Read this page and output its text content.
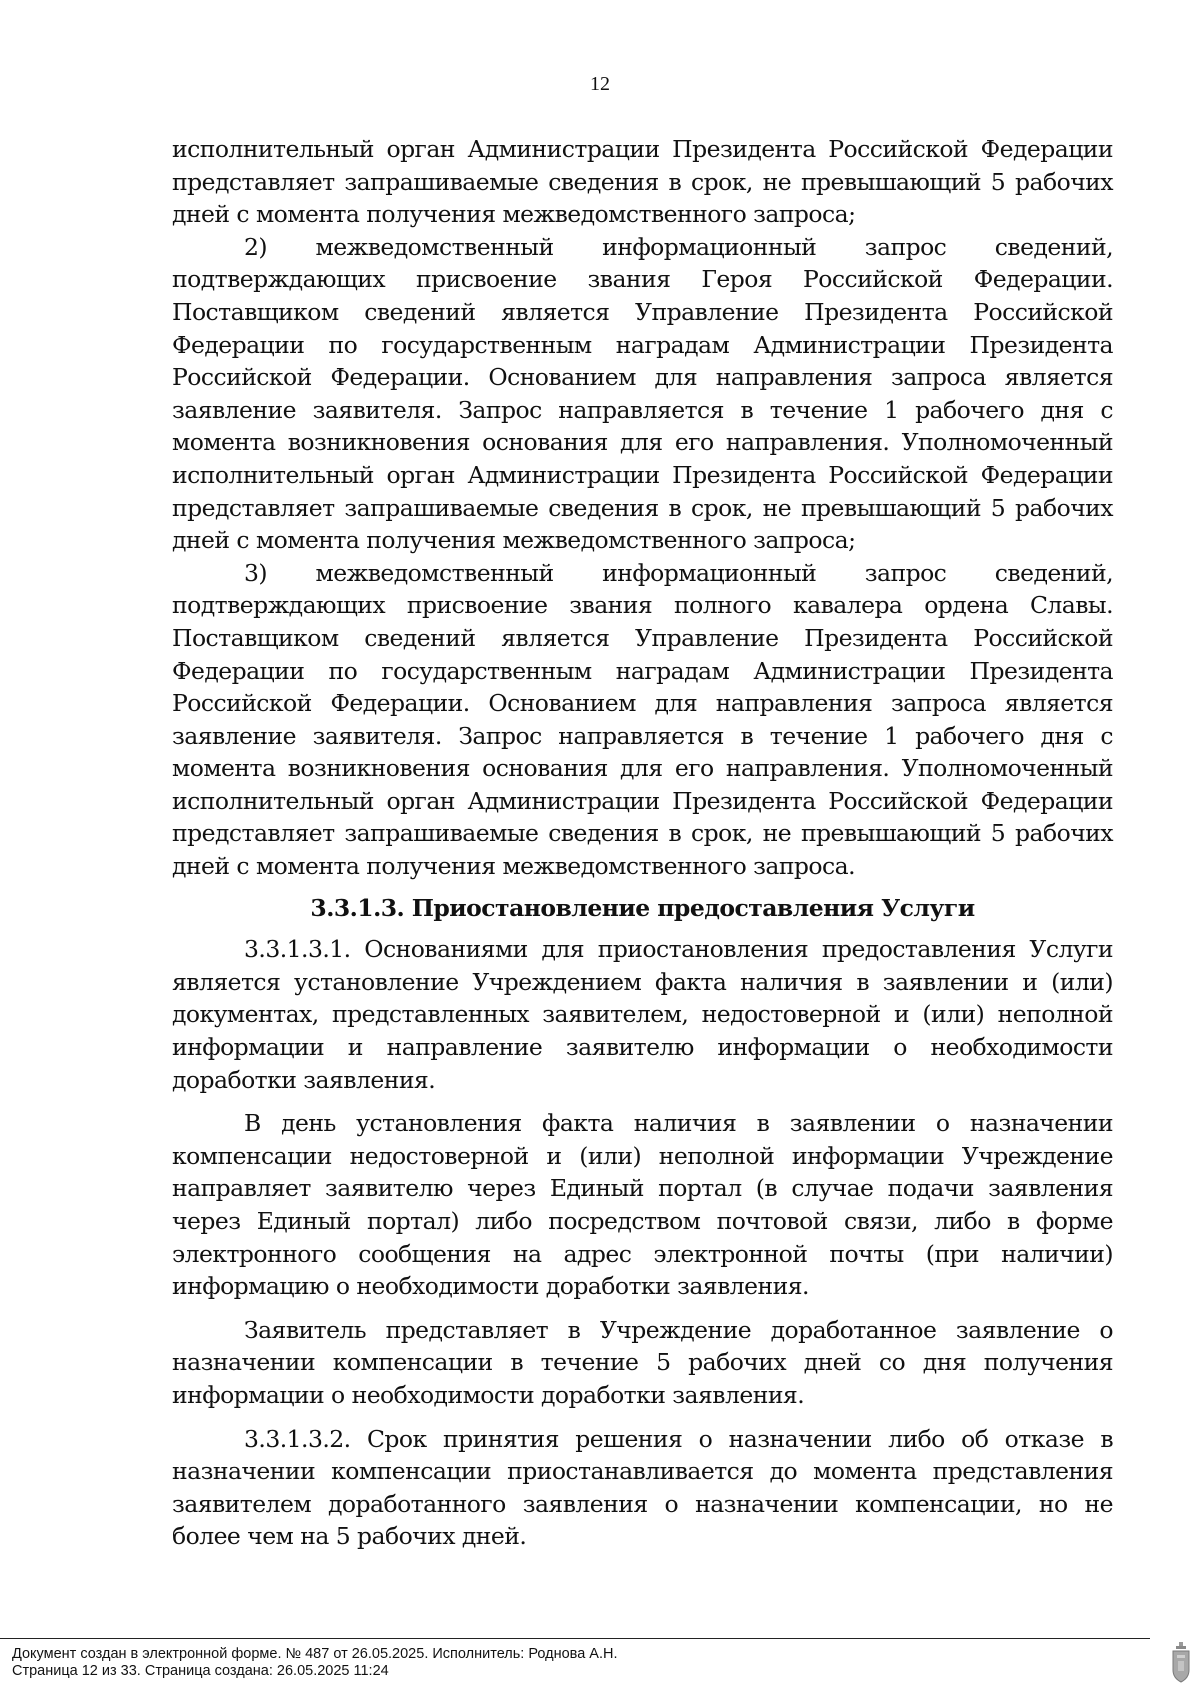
12

исполнительный орган Администрации Президента Российской Федерации представляет запрашиваемые сведения в срок, не превышающий 5 рабочих дней с момента получения межведомственного запроса;

2) межведомственный информационный запрос сведений, подтверждающих присвоение звания Героя Российской Федерации. Поставщиком сведений является Управление Президента Российской Федерации по государственным наградам Администрации Президента Российской Федерации. Основанием для направления запроса является заявление заявителя. Запрос направляется в течение 1 рабочего дня с момента возникновения основания для его направления. Уполномоченный исполнительный орган Администрации Президента Российской Федерации представляет запрашиваемые сведения в срок, не превышающий 5 рабочих дней с момента получения межведомственного запроса;

3) межведомственный информационный запрос сведений, подтверждающих присвоение звания полного кавалера ордена Славы. Поставщиком сведений является Управление Президента Российской Федерации по государственным наградам Администрации Президента Российской Федерации. Основанием для направления запроса является заявление заявителя. Запрос направляется в течение 1 рабочего дня с момента возникновения основания для его направления. Уполномоченный исполнительный орган Администрации Президента Российской Федерации представляет запрашиваемые сведения в срок, не превышающий 5 рабочих дней с момента получения межведомственного запроса.

3.3.1.3. Приостановление предоставления Услуги

3.3.1.3.1. Основаниями для приостановления предоставления Услуги является установление Учреждением факта наличия в заявлении и (или) документах, представленных заявителем, недостоверной и (или) неполной информации и направление заявителю информации о необходимости доработки заявления.

В день установления факта наличия в заявлении о назначении компенсации недостоверной и (или) неполной информации Учреждение направляет заявителю через Единый портал (в случае подачи заявления через Единый портал) либо посредством почтовой связи, либо в форме электронного сообщения на адрес электронной почты (при наличии) информацию о необходимости доработки заявления.

Заявитель представляет в Учреждение доработанное заявление о назначении компенсации в течение 5 рабочих дней со дня получения информации о необходимости доработки заявления.

3.3.1.3.2. Срок принятия решения о назначении либо об отказе в назначении компенсации приостанавливается до момента представления заявителем доработанного заявления о назначении компенсации, но не более чем на 5 рабочих дней.

Документ создан в электронной форме. № 487 от 26.05.2025. Исполнитель: Роднова А.Н.
Страница 12 из 33. Страница создана: 26.05.2025 11:24
